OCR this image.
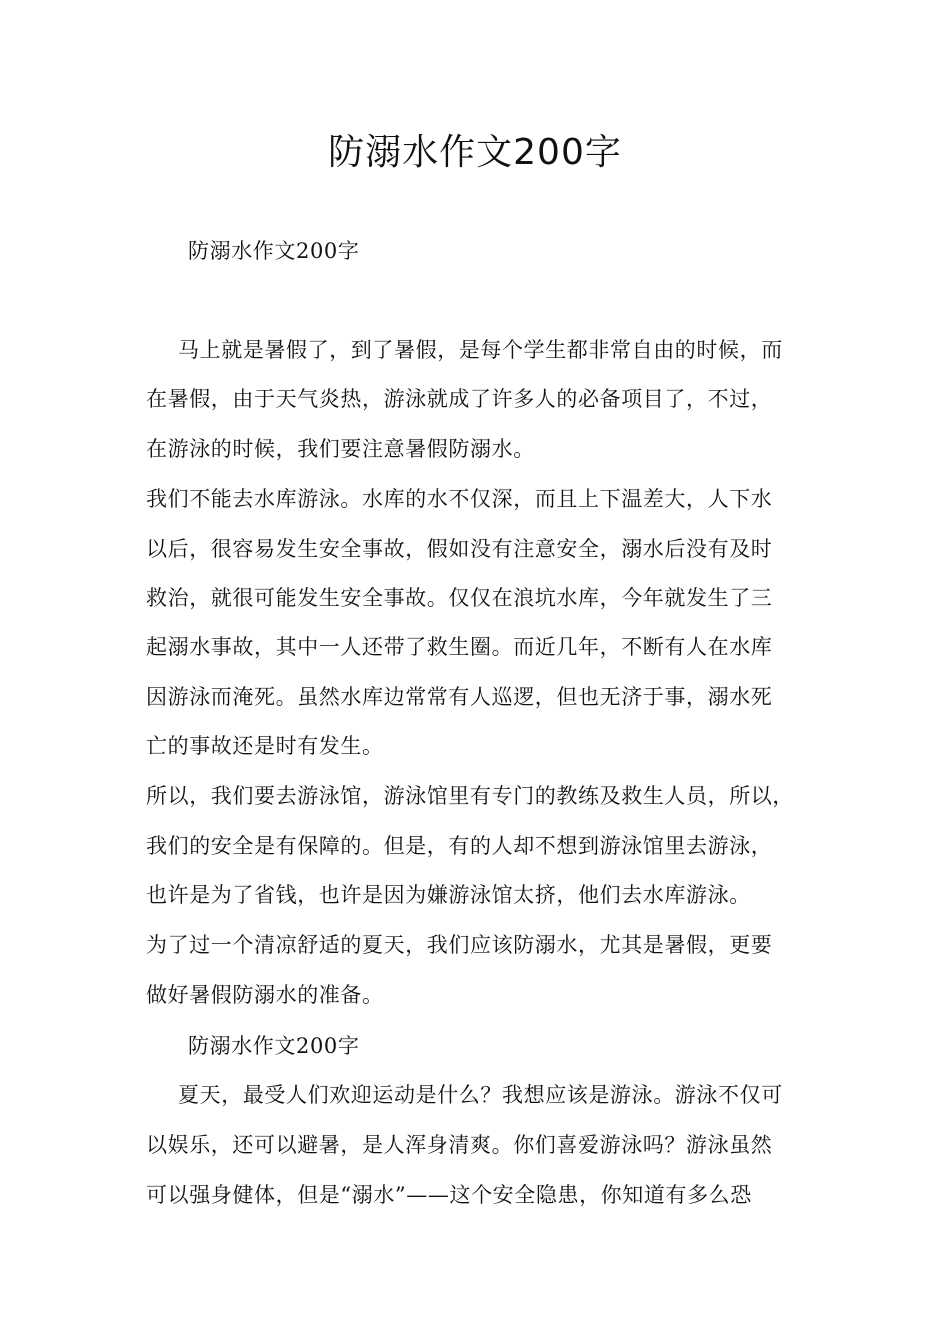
防溺水作文200字
防溺水作文200字
马上就是暑假了，到了暑假，是每个学生都非常自由的时候，而
在暑假，由于天气炎热，游泳就成了许多人的必备项目了，不过，
在游泳的时候，我们要注意暑假防溺水。
我们不能去水库游泳。水库的水不仅深，而且上下温差大，人下水
以后，很容易发生安全事故，假如没有注意安全，溺水后没有及时
救治，就很可能发生安全事故。仅仅在浪坑水库，今年就发生了三
起溺水事故，其中一人还带了救生圈。而近几年，不断有人在水库
因游泳而淹死。虽然水库边常常有人巡逻，但也无济于事，溺水死
亡的事故还是时有发生。
所以，我们要去游泳馆，游泳馆里有专门的教练及救生人员，所以，
我们的安全是有保障的。但是，有的人却不想到游泳馆里去游泳，
也许是为了省钱，也许是因为嫌游泳馆太挤，他们去水库游泳。
为了过一个清凉舒适的夏天，我们应该防溺水，尤其是暑假，更要
做好暑假防溺水的准备。
防溺水作文200字
夏天，最受人们欢迎运动是什么？我想应该是游泳。游泳不仅可
以娱乐，还可以避暑，是人浑身清爽。你们喜爱游泳吗？游泳虽然
可以强身健体，但是“溺水”——这个安全隐患，你知道有多么恐
